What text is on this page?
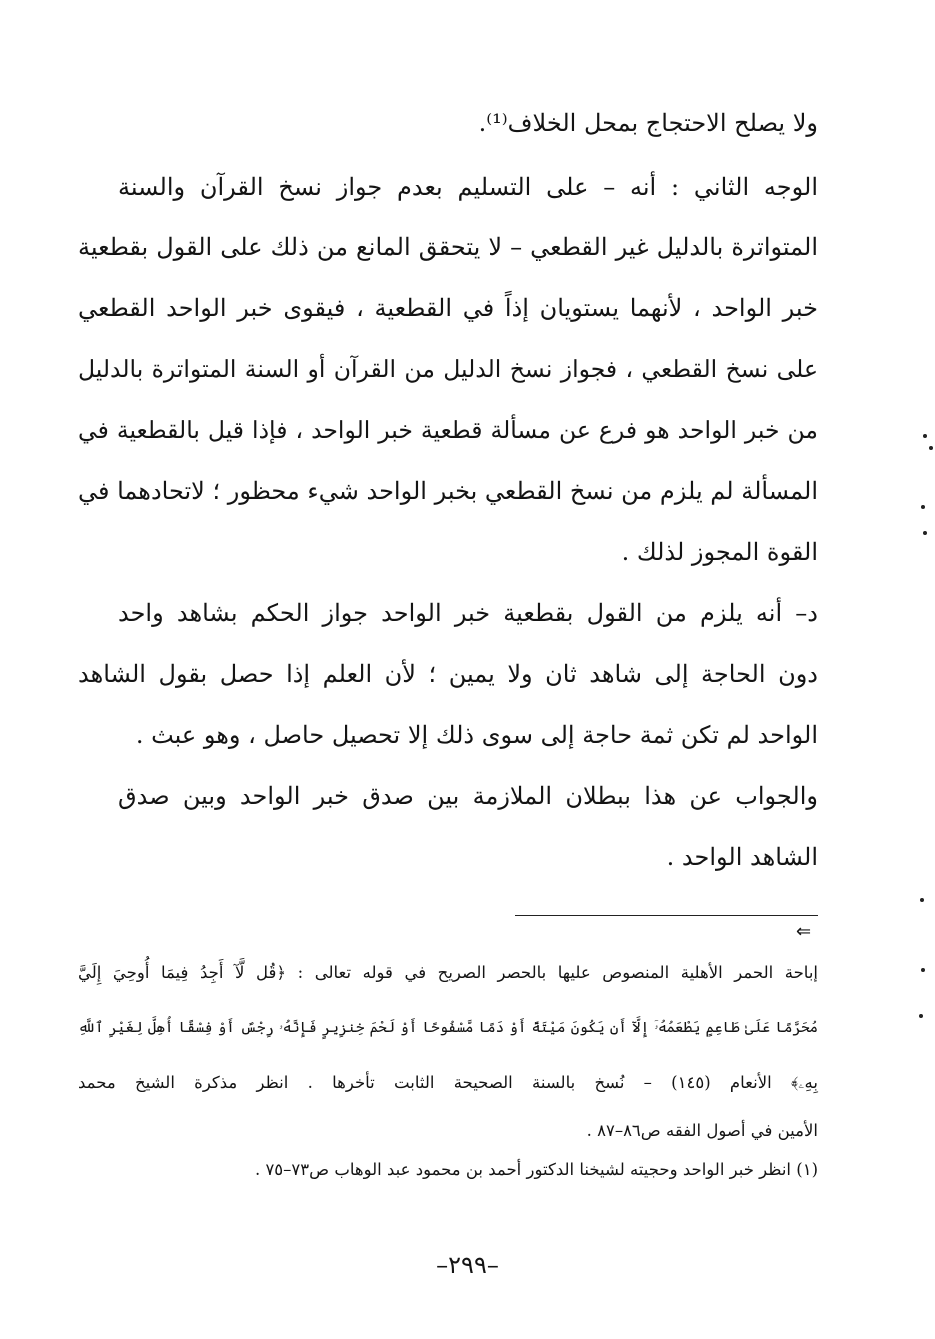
ولا يصلح الاحتجاج بمحل الخلاف⁽¹⁾.
الوجه الثاني : أنه – على التسليم بعدم جواز نسخ القرآن والسنة
المتواترة بالدليل غير القطعي – لا يتحقق المانع من ذلك على القول بقطعية
خبر الواحد ، لأنهما يستويان إذاً في القطعية ، فيقوى خبر الواحد القطعي
على نسخ القطعي ، فجواز نسخ الدليل من القرآن أو السنة المتواترة بالدليل
من خبر الواحد هو فرع عن مسألة قطعية خبر الواحد ، فإذا قيل بالقطعية في
المسألة لم يلزم من نسخ القطعي بخبر الواحد شيء محظور ؛ لاتحادهما في
القوة المجوز لذلك .
د– أنه يلزم من القول بقطعية خبر الواحد جواز الحكم بشاهد واحد
دون الحاجة إلى شاهد ثان ولا يمين ؛ لأن العلم إذا حصل بقول الشاهد
الواحد لم تكن ثمة حاجة إلى سوى ذلك إلا تحصيل حاصل ، وهو عبث .
والجواب عن هذا ببطلان الملازمة بين صدق خبر الواحد وبين صدق
الشاهد الواحد .
⇐
إباحة الحمر الأهلية المنصوص عليها بالحصر الصريح في قوله تعالى : ﴿قُل لَّآ أَجِدُ فِيمَا أُوحِيَ إِلَيَّ
مُحَرَّمًا عَلَىٰ طَاعِمٍ يَطْعَمُهُۥٓ إِلَّآ أَن يَكُونَ مَيْتَةً أَوْ دَمًا مَّسْفُوحًا أَوْ لَحْمَ خِنزِيرٍ فَإِنَّهُۥ رِجْسٌ أَوْ فِسْقًا أُهِلَّ لِغَيْرِ ٱللَّهِ
بِهِۦ﴾ الأنعام (١٤٥) – نُسخ بالسنة الصحيحة الثابت تأخرها . انظر مذكرة الشيخ محمد
الأمين في أصول الفقه ص٨٦–٨٧ .
(١) انظر خبر الواحد وحجيته لشيخنا الدكتور أحمد بن محمود عبد الوهاب ص٧٣–٧٥ .
–٢٩٩–
